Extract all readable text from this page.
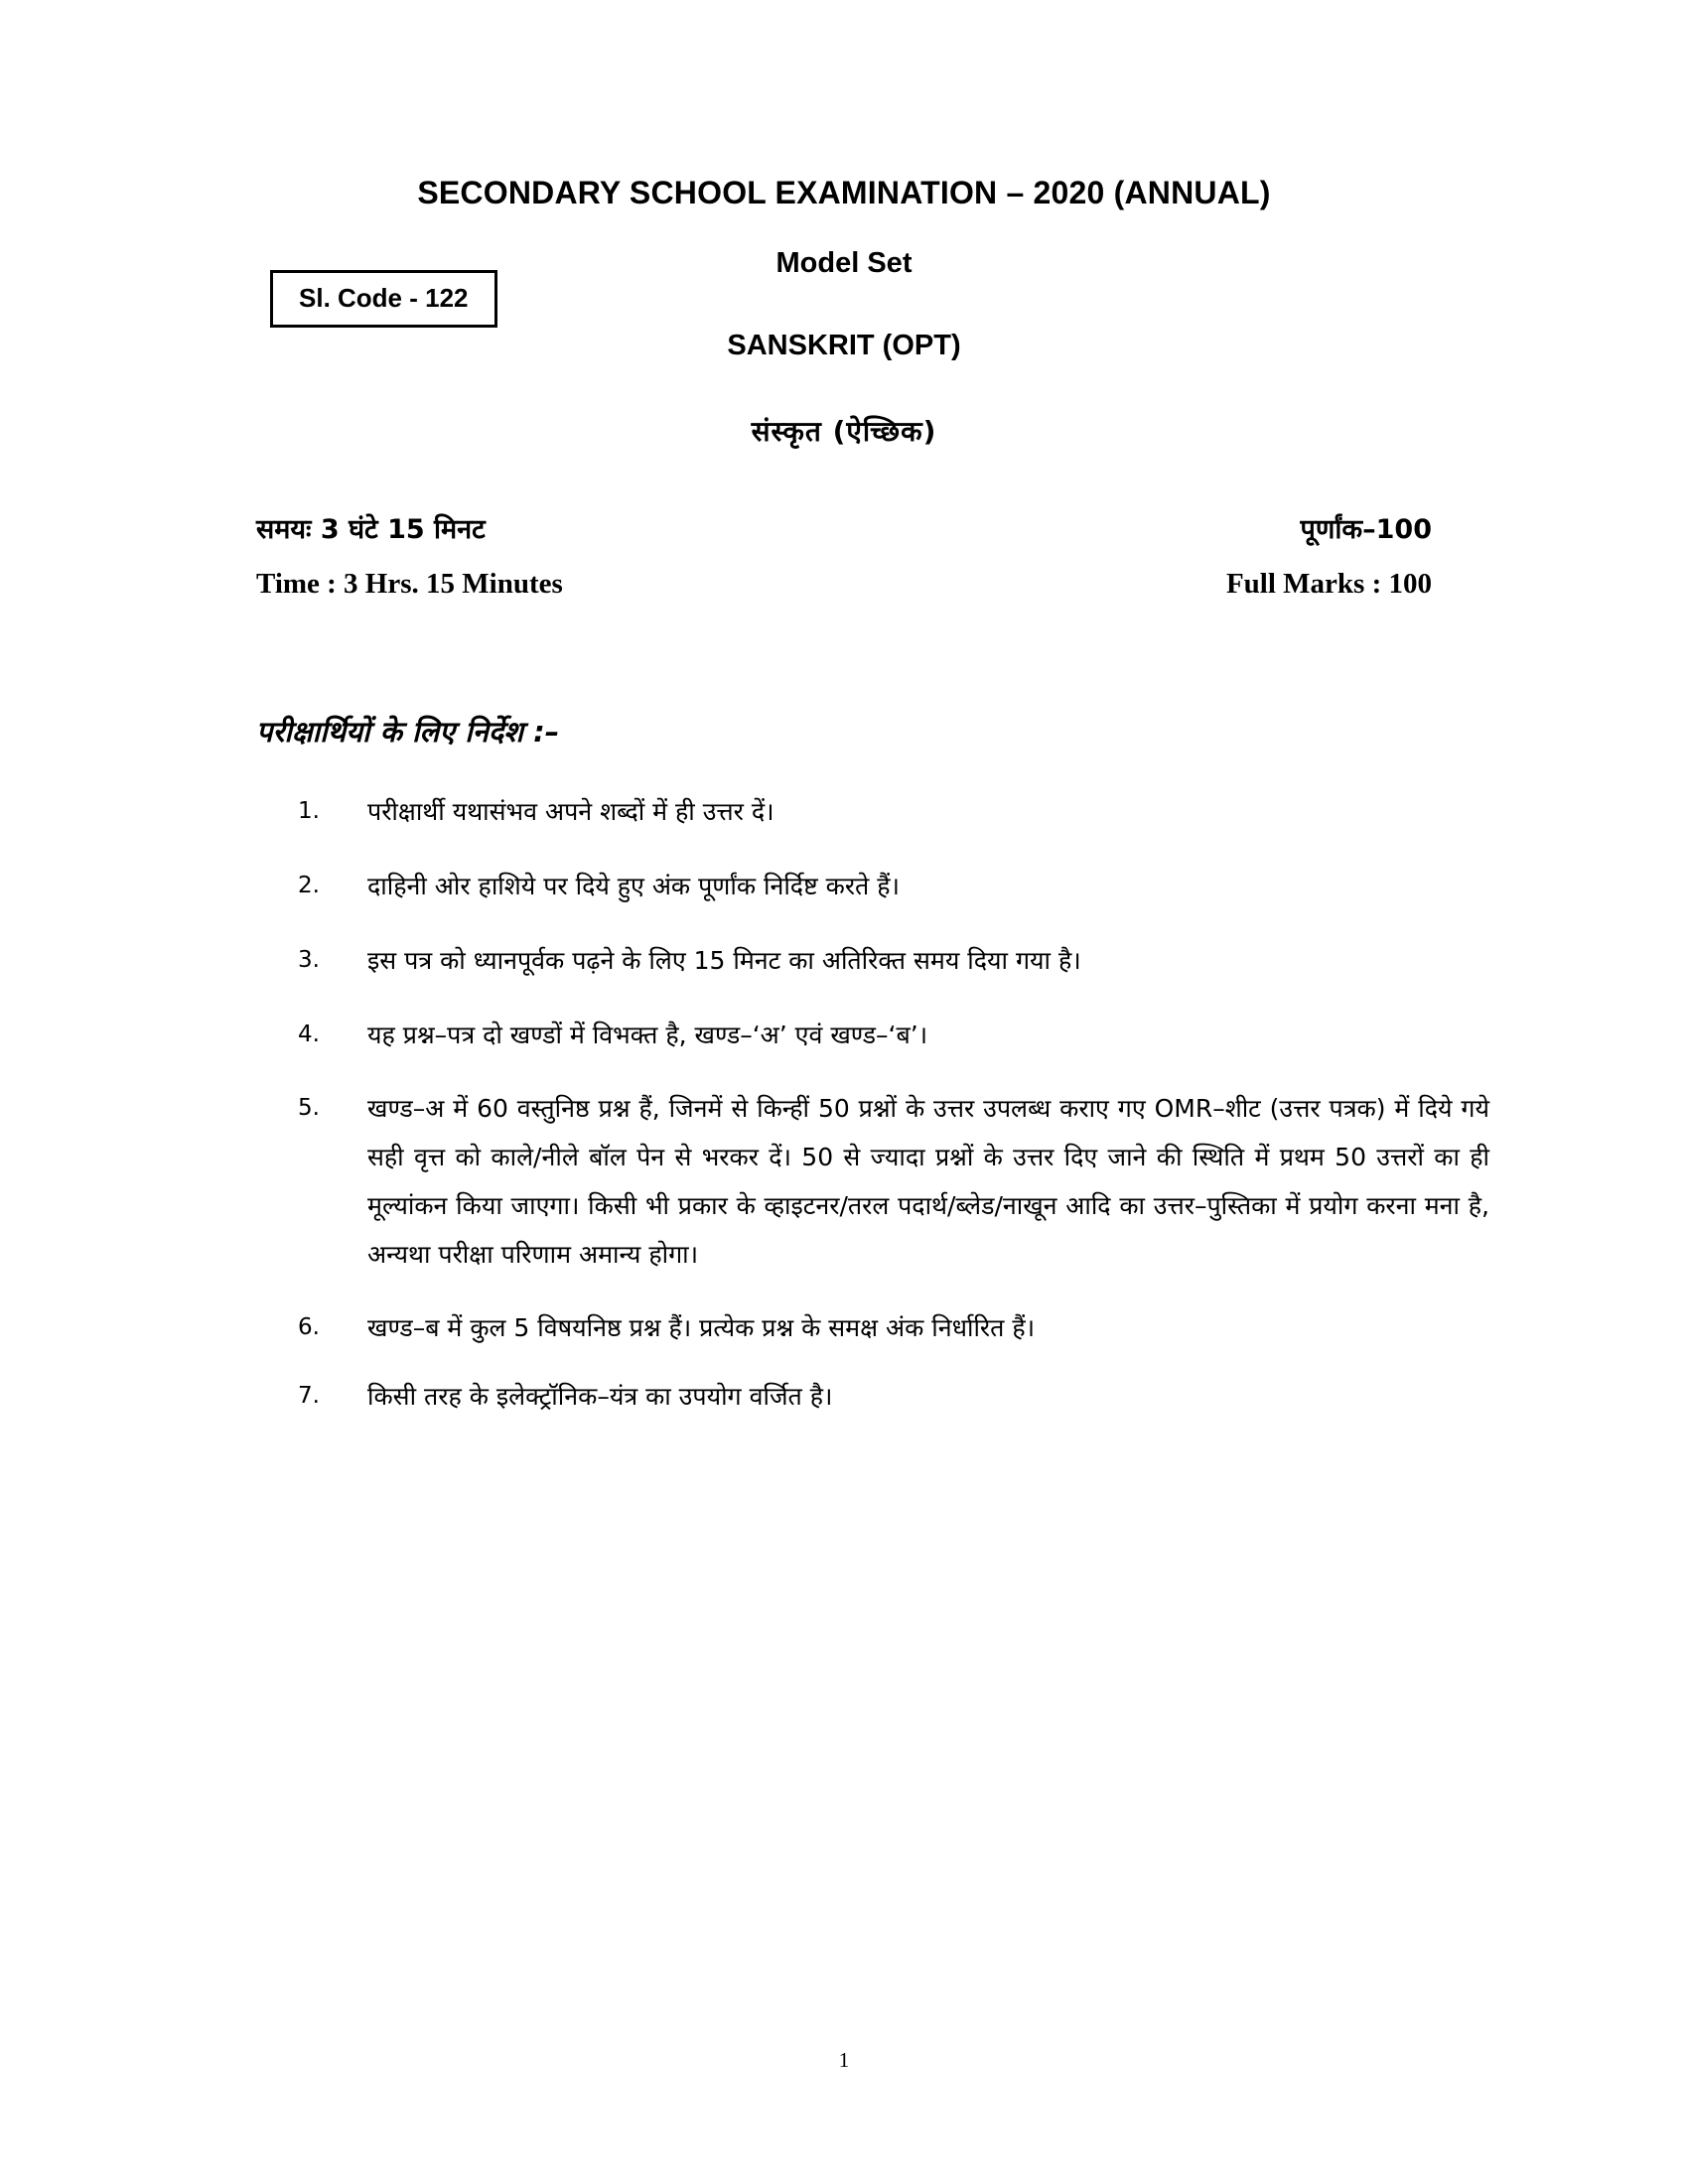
SECONDARY SCHOOL EXAMINATION – 2020 (ANNUAL)
Model Set
SANSKRIT (OPT)
संस्कृत (ऐच्छिक)
Sl. Code - 122
समयः 3 घंटे 15 मिनट	पूर्णांक–100
Time : 3 Hrs. 15 Minutes	Full Marks : 100
परीक्षार्थियों के लिए निर्देश :–
1.	परीक्षार्थी यथासंभव अपने शब्दों में ही उत्तर दें।
2.	दाहिनी ओर हाशिये पर दिये हुए अंक पूर्णांक निर्दिष्ट करते हैं।
3.	इस पत्र को ध्यानपूर्वक पढ़ने के लिए 15 मिनट का अतिरिक्त समय दिया गया है।
4.	यह प्रश्न–पत्र दो खण्डों में विभक्त है, खण्ड–‘अ’ एवं खण्ड–‘ब’।
5.	खण्ड–अ में 60 वस्तुनिष्ठ प्रश्न हैं, जिनमें से किन्हीं 50 प्रश्नों के उत्तर उपलब्ध कराए गए OMR–शीट (उत्तर पत्रक) में दिये गये सही वृत्त को काले/नीले बॉल पेन से भरकर दें। 50 से ज्यादा प्रश्नों के उत्तर दिए जाने की स्थिति में प्रथम 50 उत्तरों का ही मूल्यांकन किया जाएगा। किसी भी प्रकार के व्हाइटनर/तरल पदार्थ/ब्लेड/नाखून आदि का उत्तर–पुस्तिका में प्रयोग करना मना है, अन्यथा परीक्षा परिणाम अमान्य होगा।
6.	खण्ड–ब में कुल 5 विषयनिष्ठ प्रश्न हैं। प्रत्येक प्रश्न के समक्ष अंक निर्धारित हैं।
7.	किसी तरह के इलेक्ट्रॉनिक–यंत्र का उपयोग वर्जित है।
1
